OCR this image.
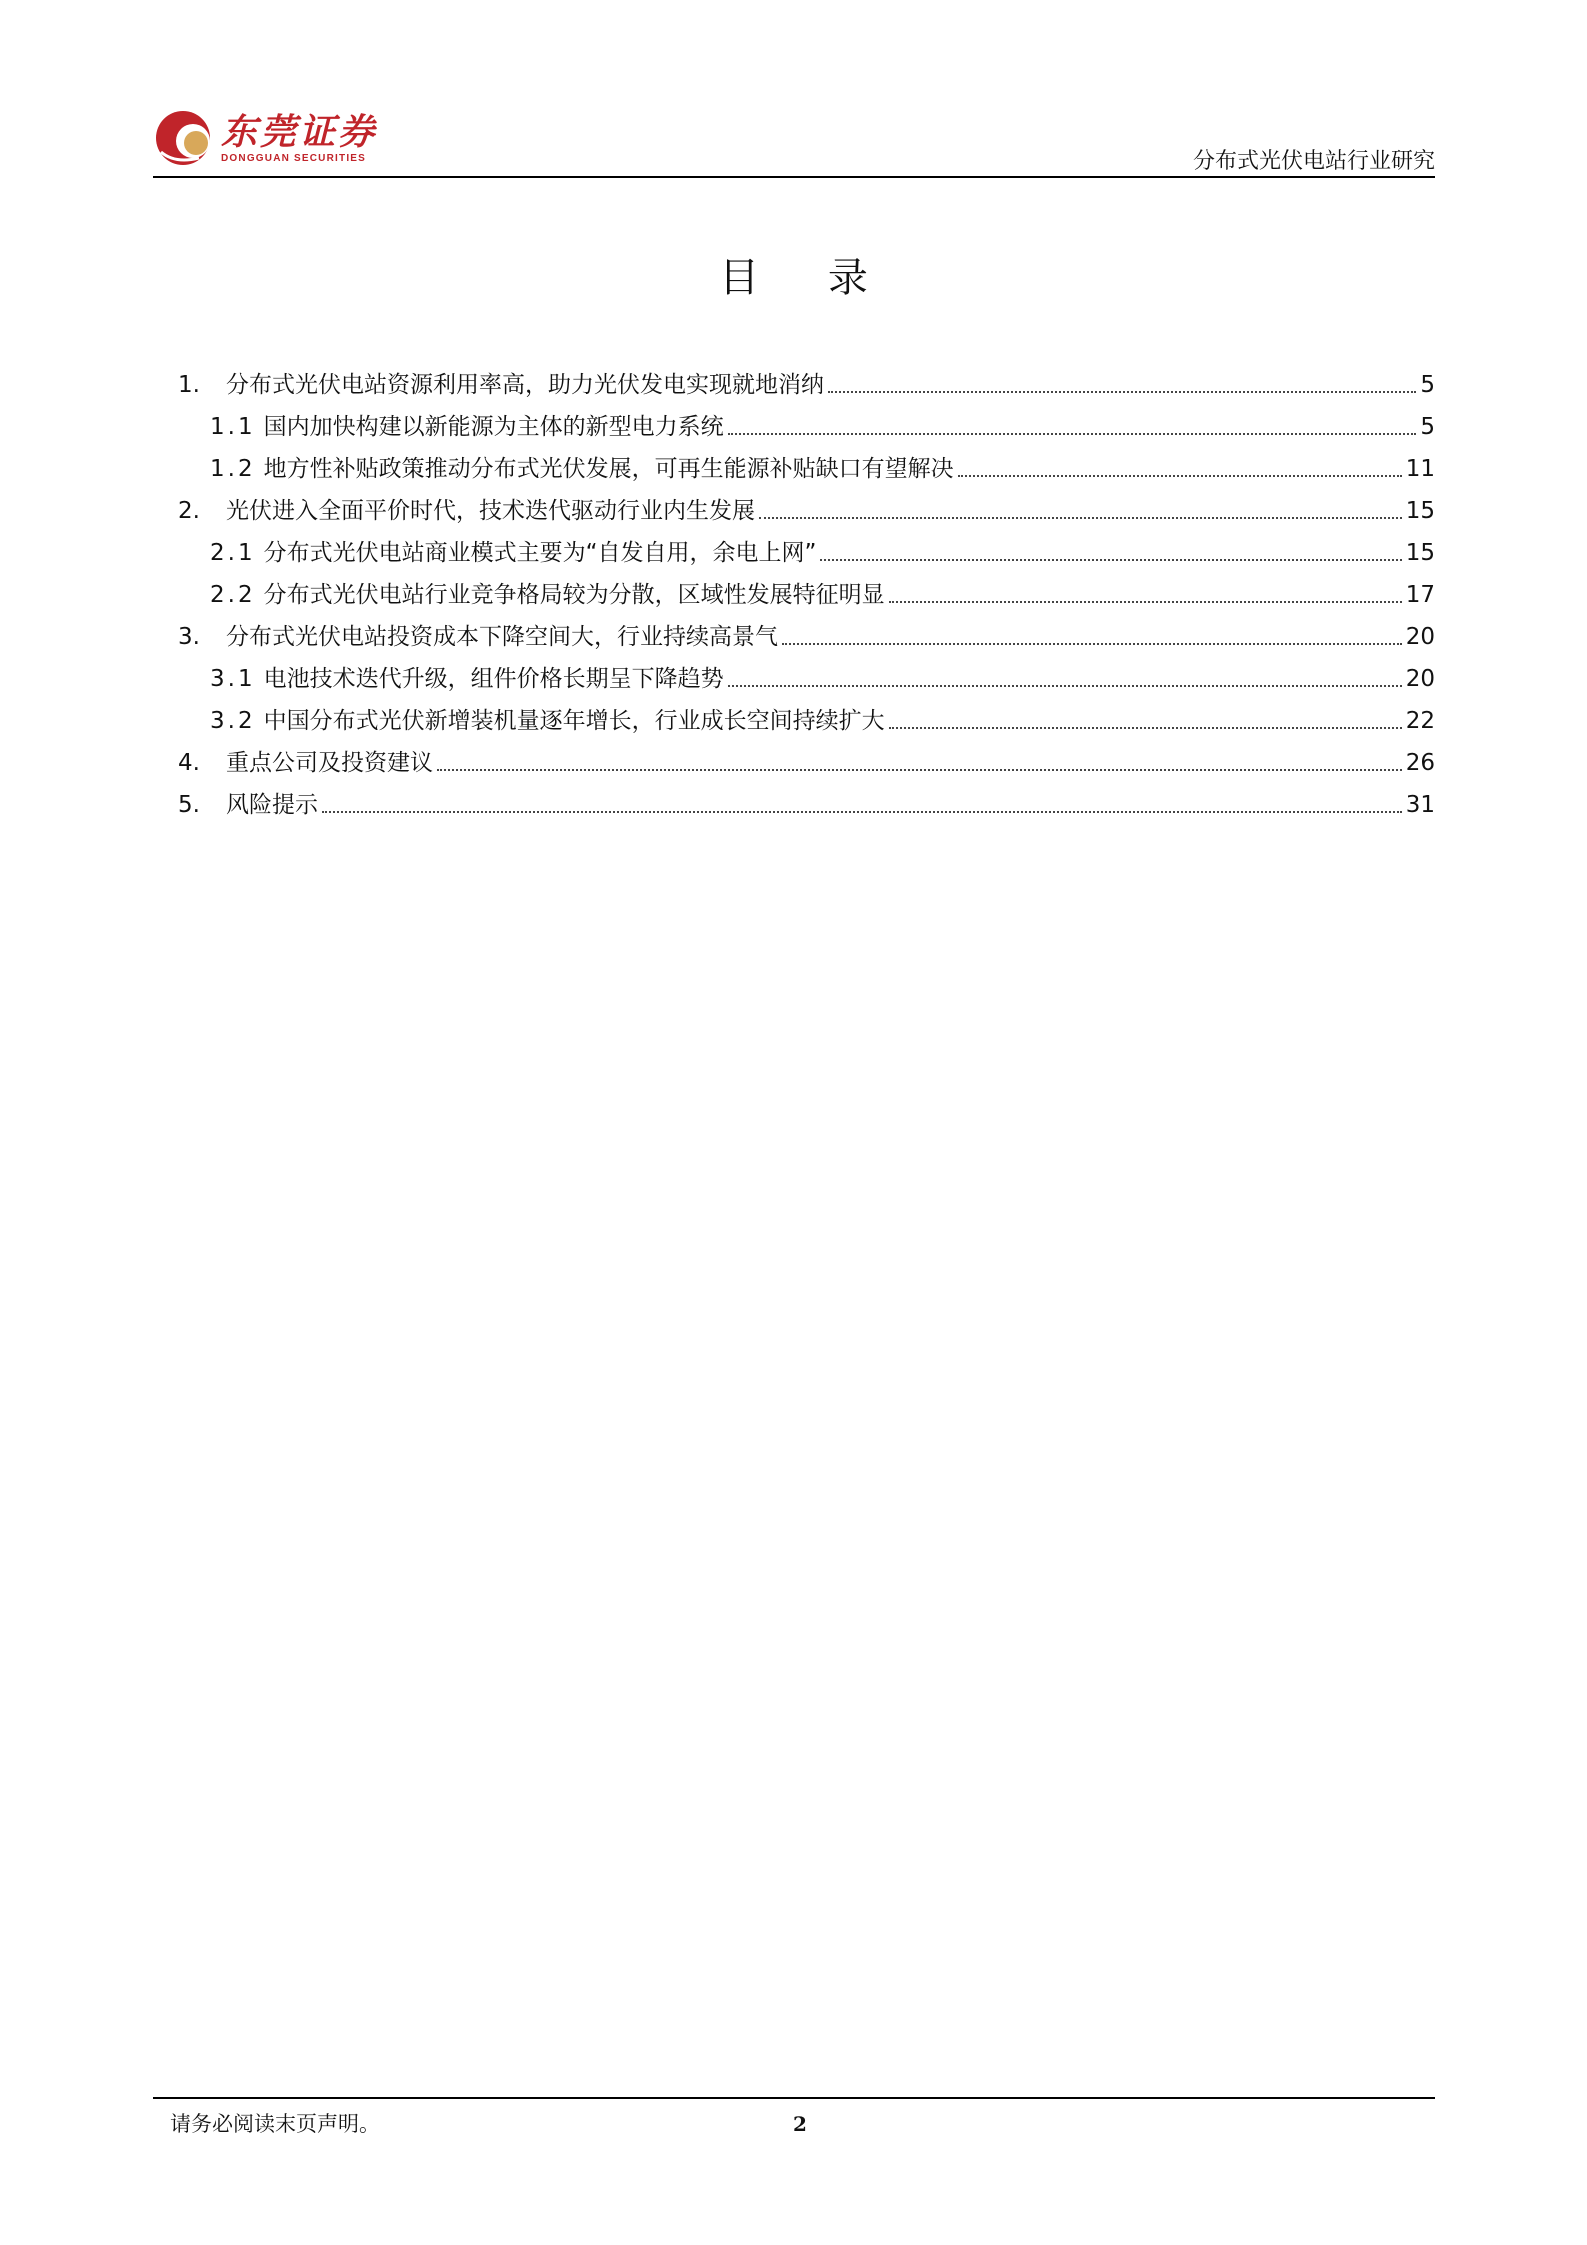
东莞证券
DONGGUAN SECURITIES	分布式光伏电站行业研究
目 录
1.	分布式光伏电站资源利用率高，助力光伏发电实现就地消纳	5
1.1 国内加快构建以新能源为主体的新型电力系统	5
1.2 地方性补贴政策推动分布式光伏发展，可再生能源补贴缺口有望解决	11
2.	光伏进入全面平价时代，技术迭代驱动行业内生发展	15
2.1 分布式光伏电站商业模式主要为“自发自用，余电上网”	15
2.2 分布式光伏电站行业竞争格局较为分散，区域性发展特征明显	17
3.	分布式光伏电站投资成本下降空间大，行业持续高景气	20
3.1 电池技术迭代升级，组件价格长期呈下降趋势	20
3.2 中国分布式光伏新增装机量逐年增长，行业成长空间持续扩大	22
4.	重点公司及投资建议	26
5.	风险提示	31
请务必阅读末页声明。	2
